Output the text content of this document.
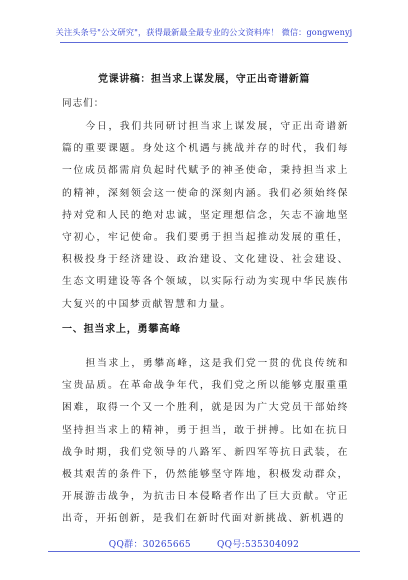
关注头条号"公文研究"，获得最新最全最专业的公文资料库！ 微信：gongwenyj
党课讲稿：担当求上谋发展，守正出奇谱新篇
同志们：

今日，我们共同研讨担当求上谋发展，守正出奇谱新篇的重要课题。身处这个机遇与挑战并存的时代，我们每一位成员都需肩负起时代赋予的神圣使命，秉持担当求上的精神，深刻领会这一使命的深刻内涵。我们必须始终保持对党和人民的绝对忠诚，坚定理想信念，矢志不渝地坚守初心，牢记使命。我们要勇于担当起推动发展的重任，积极投身于经济建设、政治建设、文化建设、社会建设、生态文明建设等各个领域，以实际行动为实现中华民族伟大复兴的中国梦贡献智慧和力量。

一、担当求上，勇攀高峰

担当求上，勇攀高峰，这是我们党一贯的优良传统和宝贵品质。在革命战争年代，我们党之所以能够克服重重困难，取得一个又一个胜利，就是因为广大党员干部始终坚持担当求上的精神，勇于担当，敢于拼搏。比如在抗日战争时期，我们党领导的八路军、新四军等抗日武装，在极其艰苦的条件下，仍然能够坚守阵地，积极发动群众，开展游击战争，为抗击日本侵略者作出了巨大贡献。守正出奇，开拓创新，是我们在新时代面对新挑战、新机遇的

QQ群：30265665	QQ号:535304092
